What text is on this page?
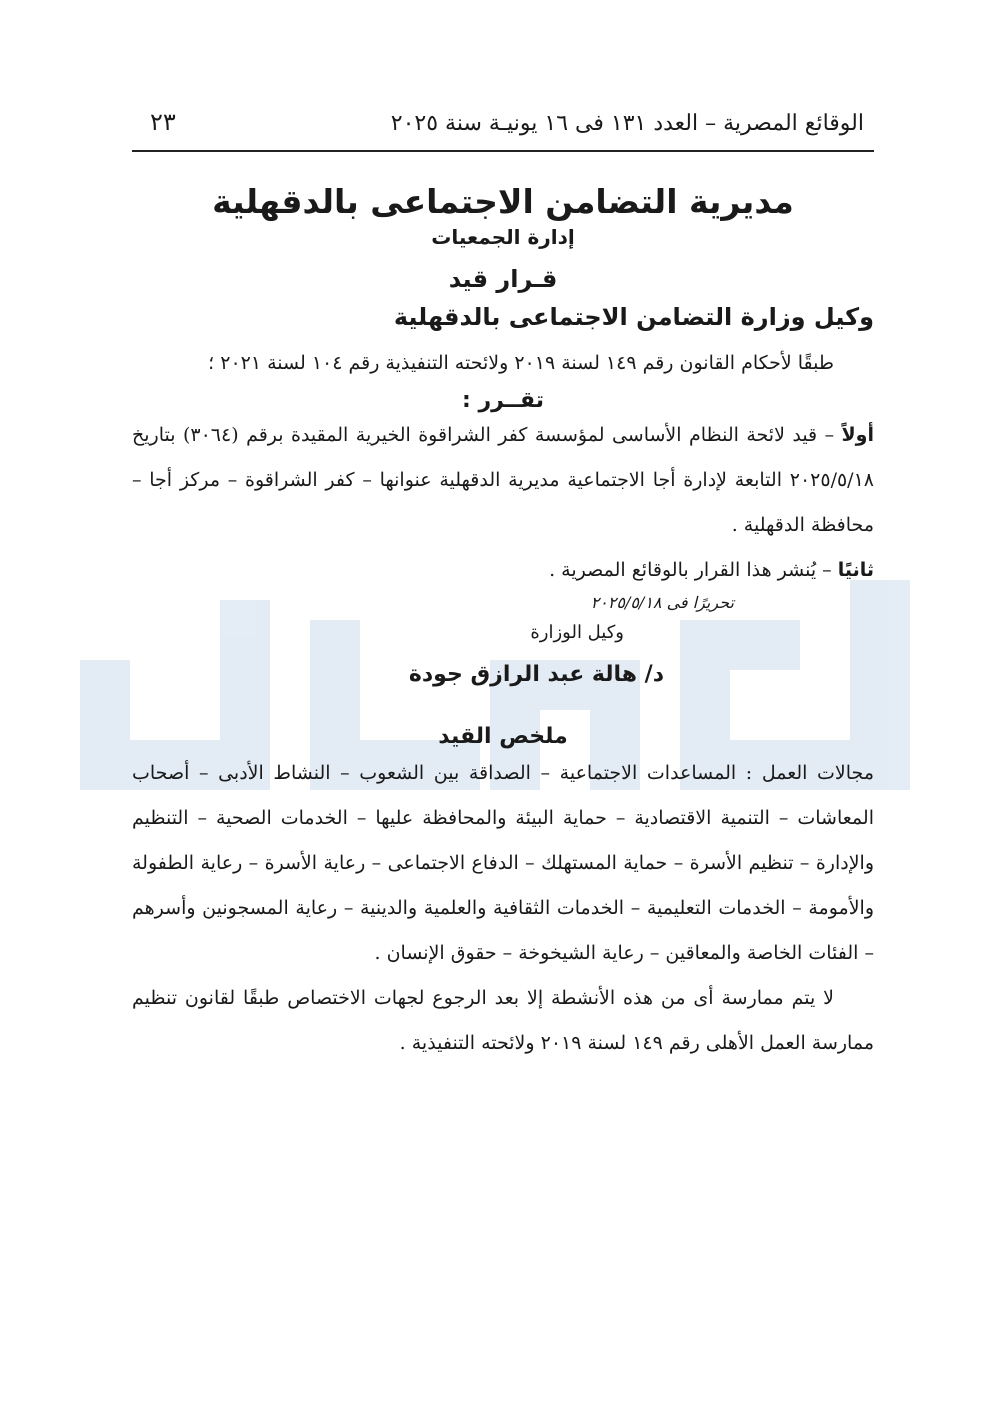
الوقائع المصرية – العدد ١٣١ فى ١٦ يونيـة سنة ٢٠٢٥
٢٣
مديرية التضامن الاجتماعى بالدقهلية
إدارة الجمعيات
قـرار قيد
وكيل وزارة التضامن الاجتماعى بالدقهلية
طبقًا لأحكام القانون رقم ١٤٩ لسنة ٢٠١٩ ولائحته التنفيذية رقم ١٠٤ لسنة ٢٠٢١ ؛
تقــرر :
أولاً – قيد لائحة النظام الأساسى لمؤسسة كفر الشراقوة الخيرية المقيدة برقم (٣٠٦٤) بتاريخ ٢٠٢٥/٥/١٨ التابعة لإدارة أجا الاجتماعية مديرية الدقهلية عنوانها – كفر الشراقوة – مركز أجا – محافظة الدقهلية .
ثانيًا – يُنشر هذا القرار بالوقائع المصرية .
تحريرًا فى ٢٠٢٥/٥/١٨
وكيل الوزارة
د/ هالة عبد الرازق جودة
ملخص القيد
مجالات العمل : المساعدات الاجتماعية – الصداقة بين الشعوب – النشاط الأدبى – أصحاب المعاشات – التنمية الاقتصادية – حماية البيئة والمحافظة عليها – الخدمات الصحية – التنظيم والإدارة – تنظيم الأسرة – حماية المستهلك – الدفاع الاجتماعى – رعاية الأسرة – رعاية الطفولة والأمومة – الخدمات التعليمية – الخدمات الثقافية والعلمية والدينية – رعاية المسجونين وأسرهم – الفئات الخاصة والمعاقين – رعاية الشيخوخة – حقوق الإنسان .
لا يتم ممارسة أى من هذه الأنشطة إلا بعد الرجوع لجهات الاختصاص طبقًا لقانون تنظيم ممارسة العمل الأهلى رقم ١٤٩ لسنة ٢٠١٩ ولائحته التنفيذية .
